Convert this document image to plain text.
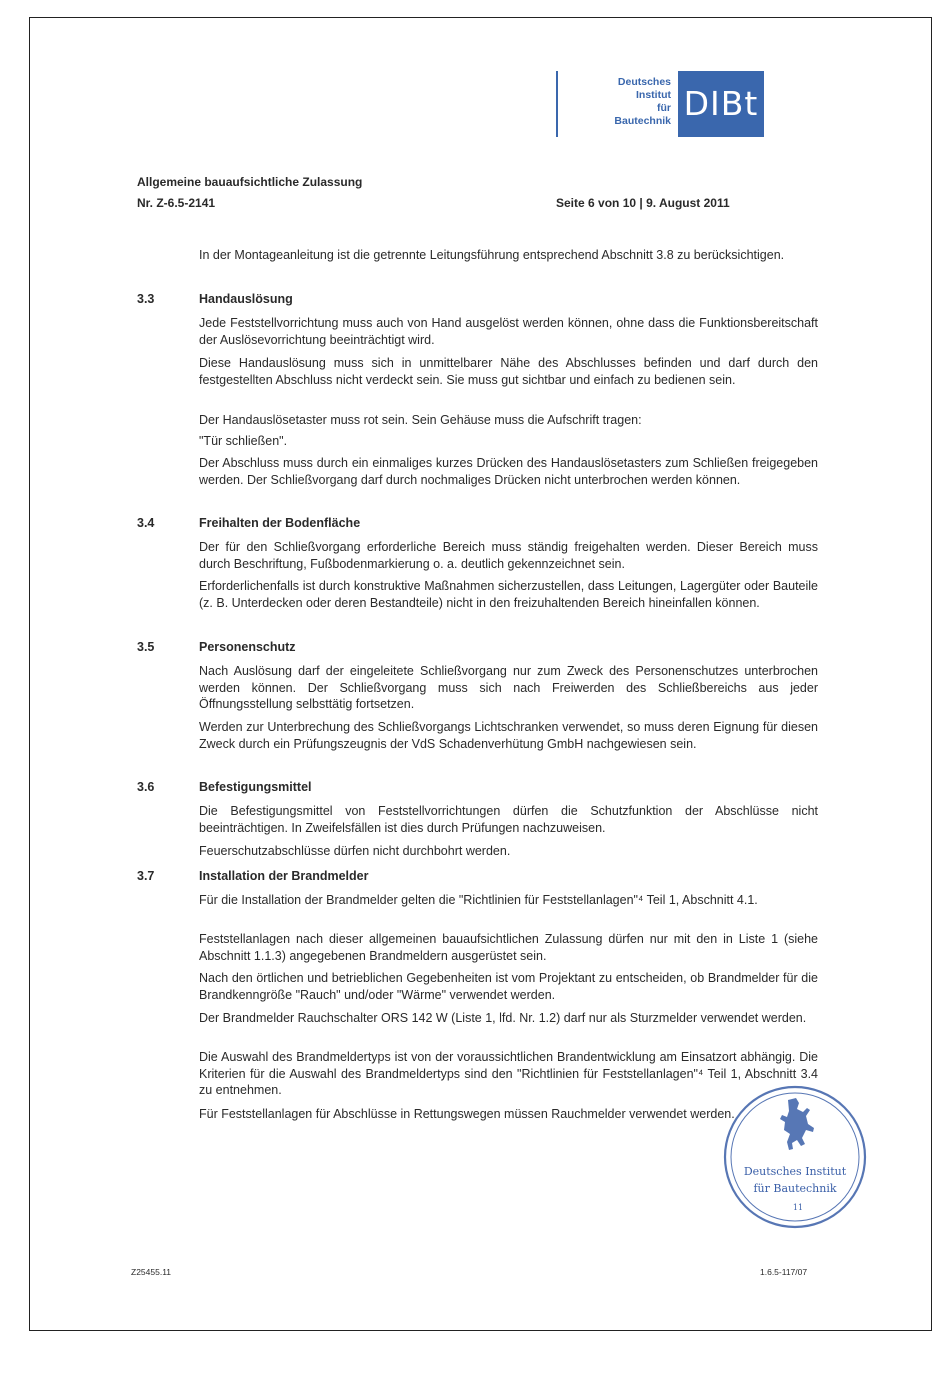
Deutsches
Institut
für
Bautechnik DIBt
Allgemeine bauaufsichtliche Zulassung
Nr. Z-6.5-2141	Seite 6 von 10 | 9. August 2011

In der Montageanleitung ist die getrennte Leitungsführung entsprechend Abschnitt 3.8 zu berücksichtigen.

3.3	Handauslösung

Jede Feststellvorrichtung muss auch von Hand ausgelöst werden können, ohne dass die Funktionsbereitschaft der Auslösevorrichtung beeinträchtigt wird.

Diese Handauslösung muss sich in unmittelbarer Nähe des Abschlusses befinden und darf durch den festgestellten Abschluss nicht verdeckt sein. Sie muss gut sichtbar und einfach zu bedienen sein.

Der Handauslösetaster muss rot sein. Sein Gehäuse muss die Aufschrift tragen:

"Tür schließen".

Der Abschluss muss durch ein einmaliges kurzes Drücken des Handauslösetasters zum Schließen freigegeben werden. Der Schließvorgang darf durch nochmaliges Drücken nicht unterbrochen werden können.

3.4	Freihalten der Bodenfläche

Der für den Schließvorgang erforderliche Bereich muss ständig freigehalten werden. Dieser Bereich muss durch Beschriftung, Fußbodenmarkierung o. a. deutlich gekennzeichnet sein.

Erforderlichenfalls ist durch konstruktive Maßnahmen sicherzustellen, dass Leitungen, Lagergüter oder Bauteile (z. B. Unterdecken oder deren Bestandteile) nicht in den freizuhaltenden Bereich hineinfallen können.

3.5	Personenschutz

Nach Auslösung darf der eingeleitete Schließvorgang nur zum Zweck des Personenschutzes unterbrochen werden können. Der Schließvorgang muss sich nach Freiwerden des Schließbereichs aus jeder Öffnungsstellung selbsttätig fortsetzen.

Werden zur Unterbrechung des Schließvorgangs Lichtschranken verwendet, so muss deren Eignung für diesen Zweck durch ein Prüfungszeugnis der VdS Schadenverhütung GmbH nachgewiesen sein.

3.6	Befestigungsmittel

Die Befestigungsmittel von Feststellvorrichtungen dürfen die Schutzfunktion der Abschlüsse nicht beeinträchtigen. In Zweifelsfällen ist dies durch Prüfungen nachzuweisen.

Feuerschutzabschlüsse dürfen nicht durchbohrt werden.

3.7	Installation der Brandmelder

Für die Installation der Brandmelder gelten die "Richtlinien für Feststellanlagen"⁴ Teil 1, Abschnitt 4.1.

Feststellanlagen nach dieser allgemeinen bauaufsichtlichen Zulassung dürfen nur mit den in Liste 1 (siehe Abschnitt 1.1.3) angegebenen Brandmeldern ausgerüstet sein.

Nach den örtlichen und betrieblichen Gegebenheiten ist vom Projektant zu entscheiden, ob Brandmelder für die Brandkenngröße "Rauch" und/oder "Wärme" verwendet werden.

Der Brandmelder Rauchschalter ORS 142 W (Liste 1, lfd. Nr. 1.2) darf nur als Sturzmelder verwendet werden.

Die Auswahl des Brandmeldertyps ist von der voraussichtlichen Brandentwicklung am Einsatzort abhängig. Die Kriterien für die Auswahl des Brandmeldertyps sind den "Richtlinien für Feststellanlagen"⁴ Teil 1, Abschnitt 3.4 zu entnehmen.

Für Feststellanlagen für Abschlüsse in Rettungswegen müssen Rauchmelder verwendet werden.

Deutsches Institut
für Bautechnik
11
Z25455.11	1.6.5-117/07
